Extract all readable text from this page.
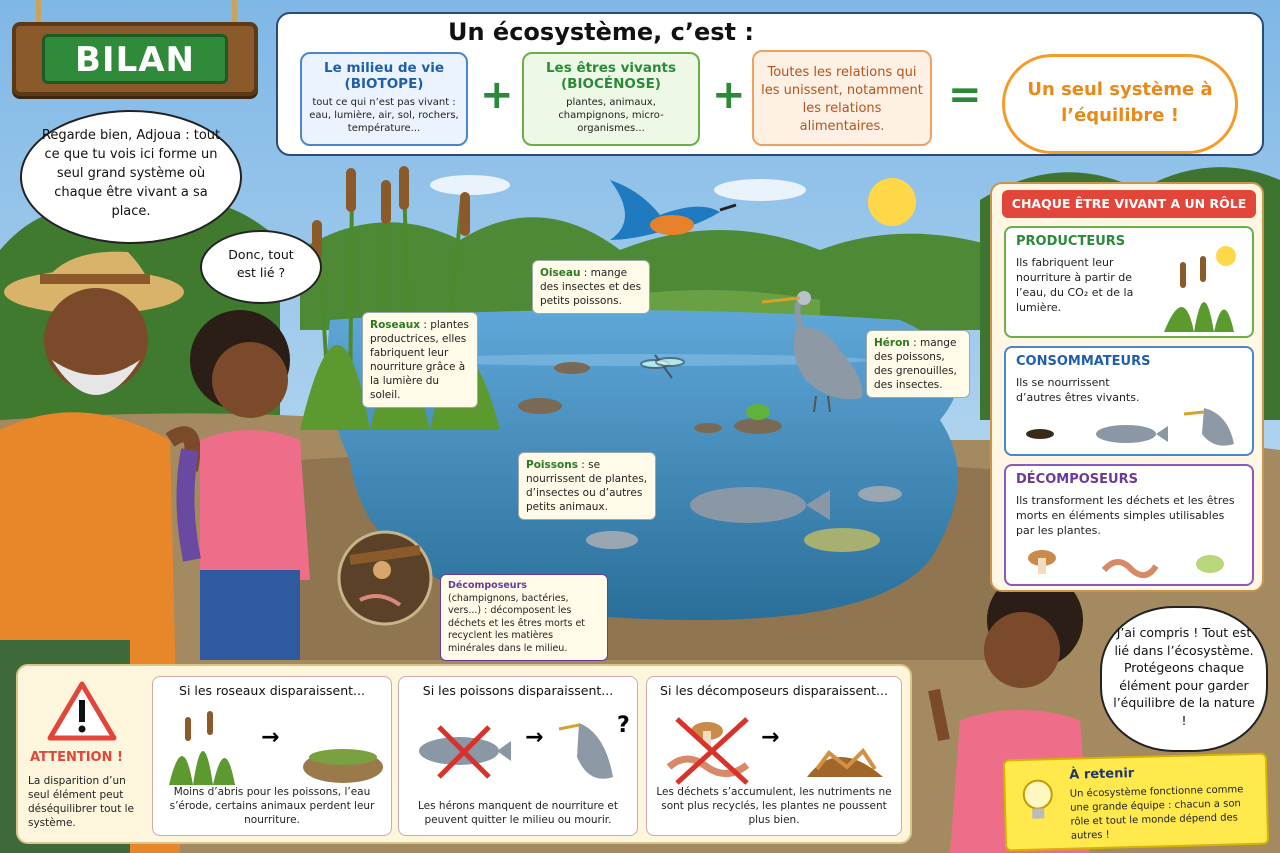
BILAN
Un écosystème, c’est :
Le milieu de vie
(BIOTOPE)
tout ce qui n’est pas vivant : eau, lumière, air, sol, rochers, température...
+
Les êtres vivants
(BIOCÉNOSE)
plantes, animaux, champignons, micro-organismes...
+	Toutes les relations qui les unissent, notamment les relations alimentaires.
=	Un seul système à l’équilibre !
Regarde bien, Adjoua : tout ce que tu vois ici forme un seul grand système où chaque être vivant a sa place.
Donc, tout est lié ?
J’ai compris ! Tout est lié dans l’écosystème. Protégeons chaque élément pour garder l’équilibre de la nature !
Oiseau : mange des insectes et des petits poissons.
Roseaux : plantes productrices, elles fabriquent leur nourriture grâce à la lumière du soleil.
Héron : mange des poissons, des grenouilles, des insectes.
Poissons : se nourrissent de plantes, d’insectes ou d’autres petits animaux.
Décomposeurs (champignons, bactéries, vers...) : décomposent les déchets et les êtres morts et recyclent les matières minérales dans le milieu.
CHAQUE ÊTRE VIVANT A UN RÔLE
PRODUCTEURS
Ils fabriquent leur nourriture à partir de l’eau, du CO₂ et de la lumière.
CONSOMMATEURS
Ils se nourrissent d’autres êtres vivants.
DÉCOMPOSEURS
Ils transforment les déchets et les êtres morts en éléments simples utilisables par les plantes.
ATTENTION !
La disparition d’un seul élément peut déséquilibrer tout le système.
Si les roseaux disparaissent...
→
Moins d’abris pour les poissons, l’eau s’érode, certains animaux perdent leur nourriture.
Si les poissons disparaissent...
→	?
Les hérons manquent de nourriture et peuvent quitter le milieu ou mourir.
Si les décomposeurs disparaissent...
→
Les déchets s’accumulent, les nutriments ne sont plus recyclés, les plantes ne poussent plus bien.
À retenir
Un écosystème fonctionne comme une grande équipe : chacun a son rôle et tout le monde dépend des autres !
